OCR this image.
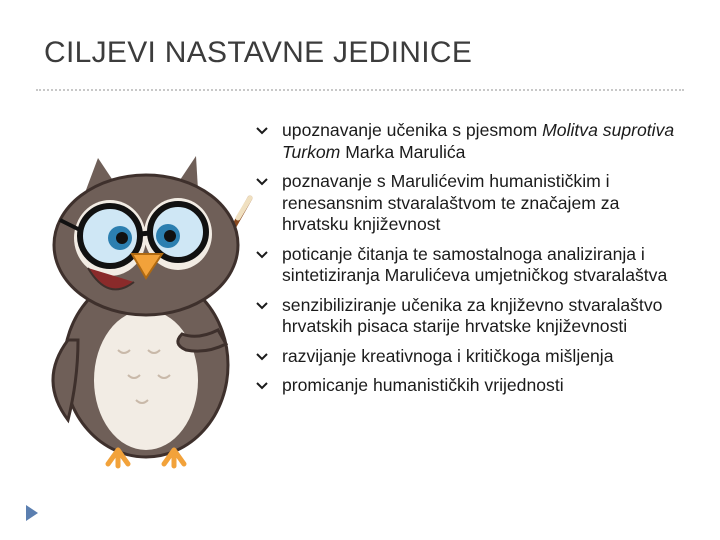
CILJEVI NASTAVNE JEDINICE
upoznavanje učenika s pjesmom Molitva suprotiva Turkom Marka Marulića
poznavanje s Marulićevim humanističkim i renesansnim stvaralaštvom te značajem za hrvatsku književnost
poticanje čitanja te samostalnoga analiziranja i sintetiziranja Marulićeva umjetničkog stvaralaštva
senzibiliziranje učenika za književno stvaralaštvo hrvatskih pisaca starije hrvatske književnosti
razvijanje kreativnoga i kritičkoga mišljenja
promicanje humanističkih vrijednosti
